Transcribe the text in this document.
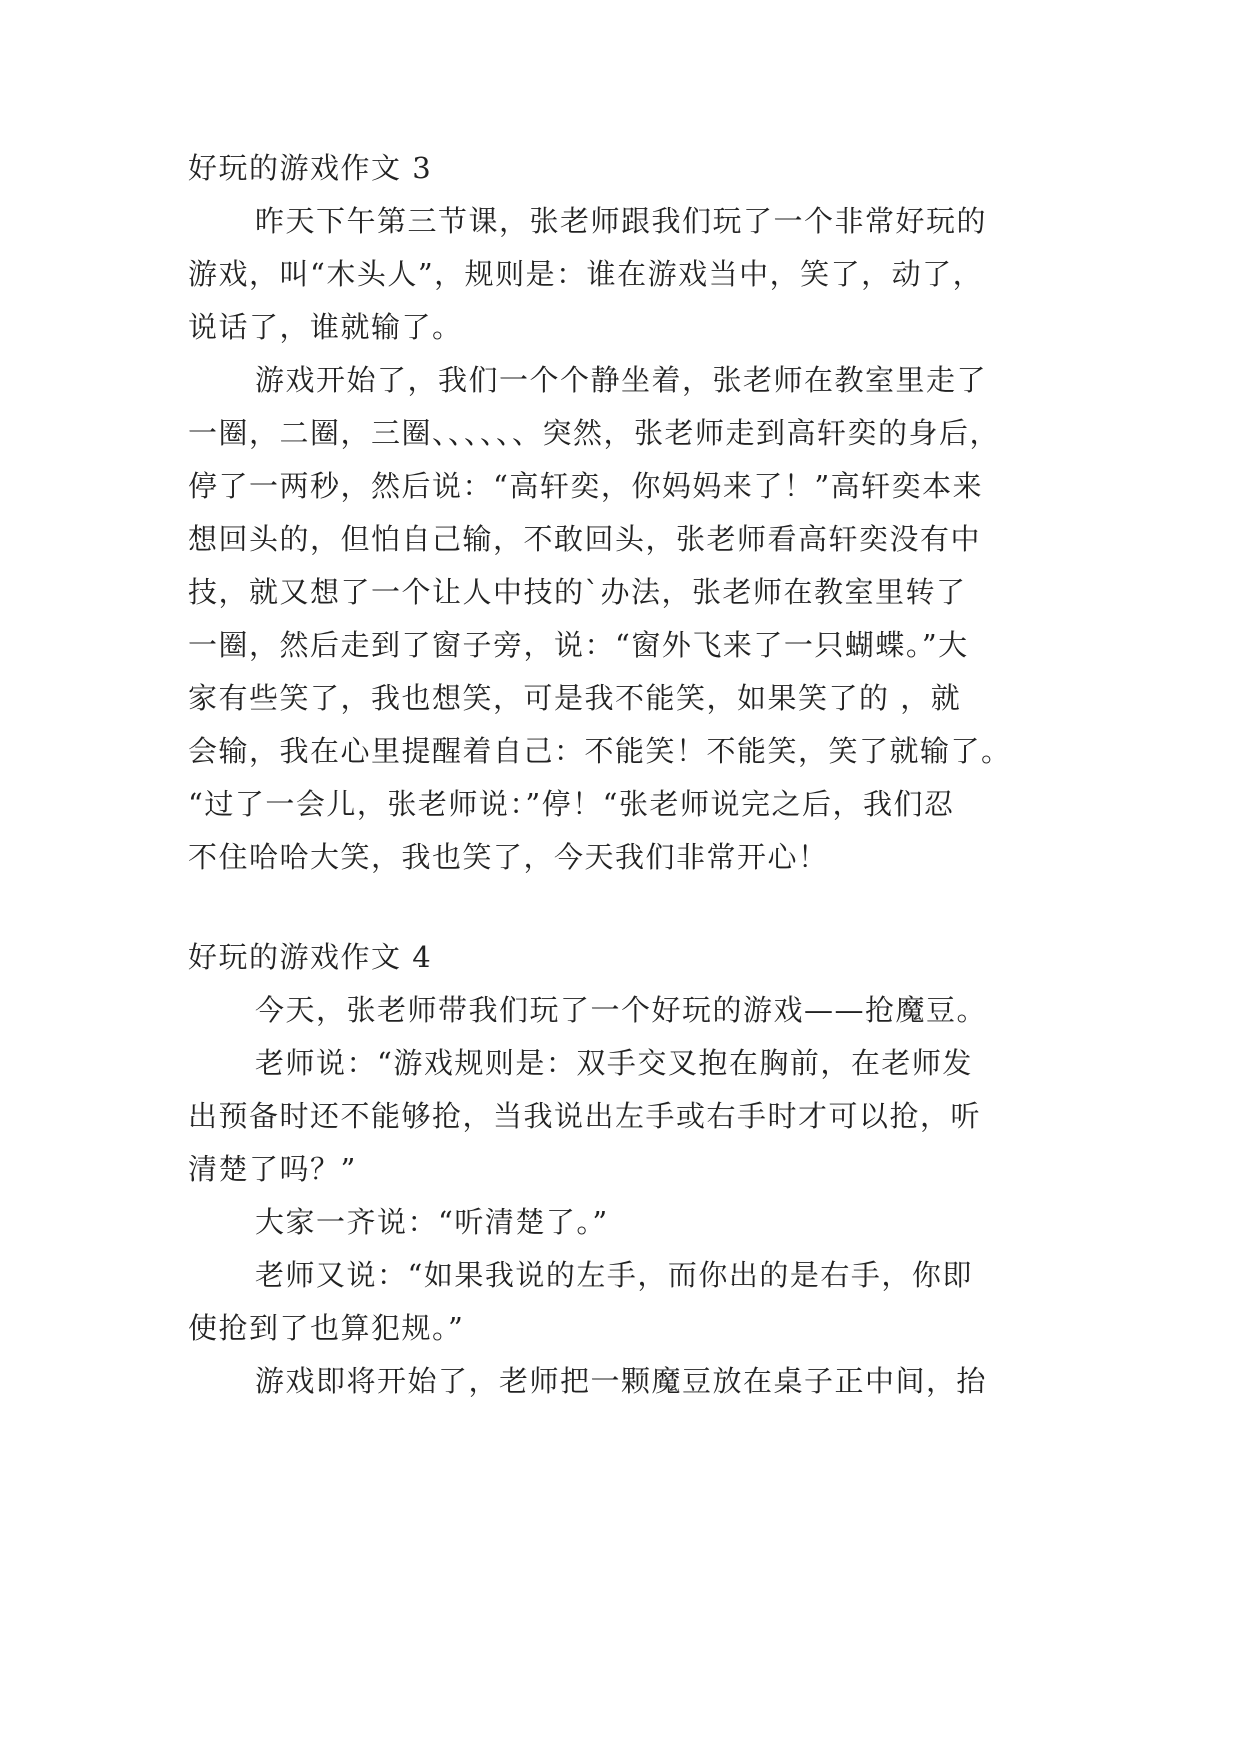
好玩的游戏作文 3

昨天下午第三节课，张老师跟我们玩了一个非常好玩的

游戏，叫“木头人”，规则是：谁在游戏当中，笑了，动了，

说话了，谁就输了。

游戏开始了，我们一个个静坐着，张老师在教室里走了

一圈，二圈，三圈、、、、、、突然，张老师走到高轩奕的身后，

停了一两秒，然后说：“高轩奕，你妈妈来了！”高轩奕本来

想回头的，但怕自己输，不敢回头，张老师看高轩奕没有中

技，就又想了一个让人中技的`办法，张老师在教室里转了

一圈，然后走到了窗子旁，说：“窗外飞来了一只蝴蝶。”大

家有些笑了，我也想笑，可是我不能笑，如果笑了的 ，就

会输，我在心里提醒着自己：不能笑！不能笑，笑了就输了。

“过了一会儿，张老师说：”停！“张老师说完之后，我们忍

不住哈哈大笑，我也笑了，今天我们非常开心！

好玩的游戏作文 4

今天，张老师带我们玩了一个好玩的游戏——抢魔豆。

老师说：“游戏规则是：双手交叉抱在胸前，在老师发

出预备时还不能够抢，当我说出左手或右手时才可以抢，听

清楚了吗？”

大家一齐说：“听清楚了。”

老师又说：“如果我说的左手，而你出的是右手，你即

使抢到了也算犯规。”

游戏即将开始了，老师把一颗魔豆放在桌子正中间，抬
